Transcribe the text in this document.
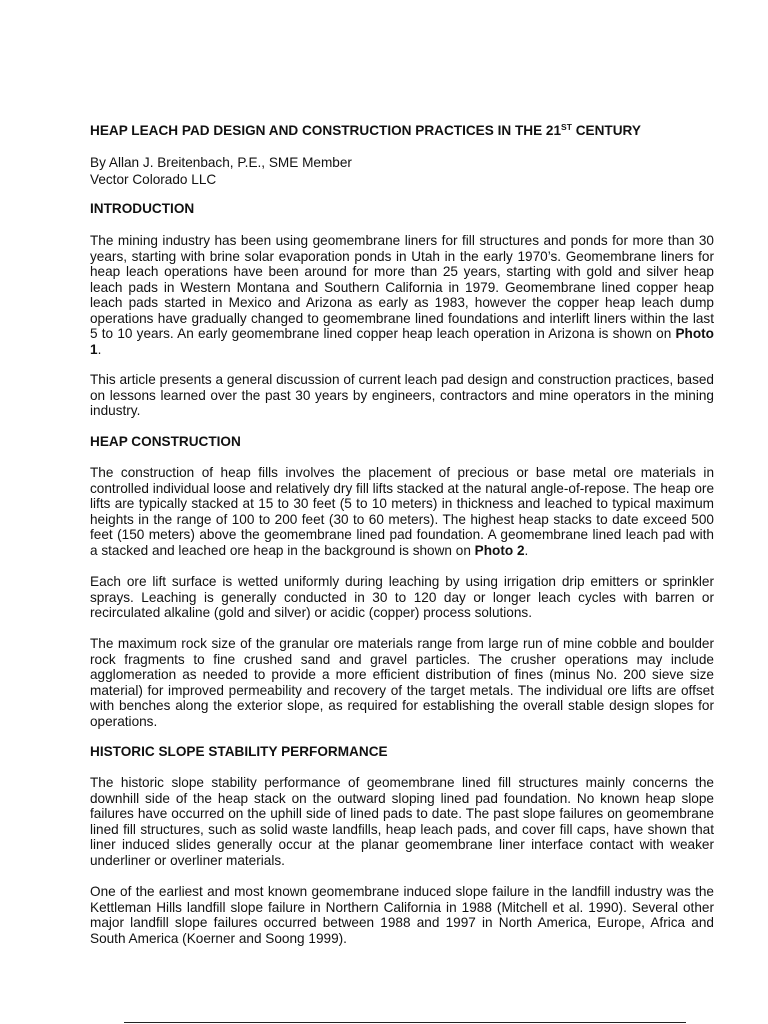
HEAP LEACH PAD DESIGN AND CONSTRUCTION PRACTICES IN THE 21ST CENTURY
By Allan J. Breitenbach, P.E., SME Member
Vector Colorado LLC
INTRODUCTION
The mining industry has been using geomembrane liners for fill structures and ponds for more than 30 years, starting with brine solar evaporation ponds in Utah in the early 1970’s. Geomembrane liners for heap leach operations have been around for more than 25 years, starting with gold and silver heap leach pads in Western Montana and Southern California in 1979. Geomembrane lined copper heap leach pads started in Mexico and Arizona as early as 1983, however the copper heap leach dump operations have gradually changed to geomembrane lined foundations and interlift liners within the last 5 to 10 years. An early geomembrane lined copper heap leach operation in Arizona is shown on Photo 1.
This article presents a general discussion of current leach pad design and construction practices, based on lessons learned over the past 30 years by engineers, contractors and mine operators in the mining industry.
HEAP CONSTRUCTION
The construction of heap fills involves the placement of precious or base metal ore materials in controlled individual loose and relatively dry fill lifts stacked at the natural angle-of-repose. The heap ore lifts are typically stacked at 15 to 30 feet (5 to 10 meters) in thickness and leached to typical maximum heights in the range of 100 to 200 feet (30 to 60 meters). The highest heap stacks to date exceed 500 feet (150 meters) above the geomembrane lined pad foundation. A geomembrane lined leach pad with a stacked and leached ore heap in the background is shown on Photo 2.
Each ore lift surface is wetted uniformly during leaching by using irrigation drip emitters or sprinkler sprays. Leaching is generally conducted in 30 to 120 day or longer leach cycles with barren or recirculated alkaline (gold and silver) or acidic (copper) process solutions.
The maximum rock size of the granular ore materials range from large run of mine cobble and boulder rock fragments to fine crushed sand and gravel particles. The crusher operations may include agglomeration as needed to provide a more efficient distribution of fines (minus No. 200 sieve size material) for improved permeability and recovery of the target metals. The individual ore lifts are offset with benches along the exterior slope, as required for establishing the overall stable design slopes for operations.
HISTORIC SLOPE STABILITY PERFORMANCE
The historic slope stability performance of geomembrane lined fill structures mainly concerns the downhill side of the heap stack on the outward sloping lined pad foundation. No known heap slope failures have occurred on the uphill side of lined pads to date. The past slope failures on geomembrane lined fill structures, such as solid waste landfills, heap leach pads, and cover fill caps, have shown that liner induced slides generally occur at the planar geomembrane liner interface contact with weaker underliner or overliner materials.
One of the earliest and most known geomembrane induced slope failure in the landfill industry was the Kettleman Hills landfill slope failure in Northern California in 1988 (Mitchell et al. 1990). Several other major landfill slope failures occurred between 1988 and 1997 in North America, Europe, Africa and South America (Koerner and Soong 1999).
